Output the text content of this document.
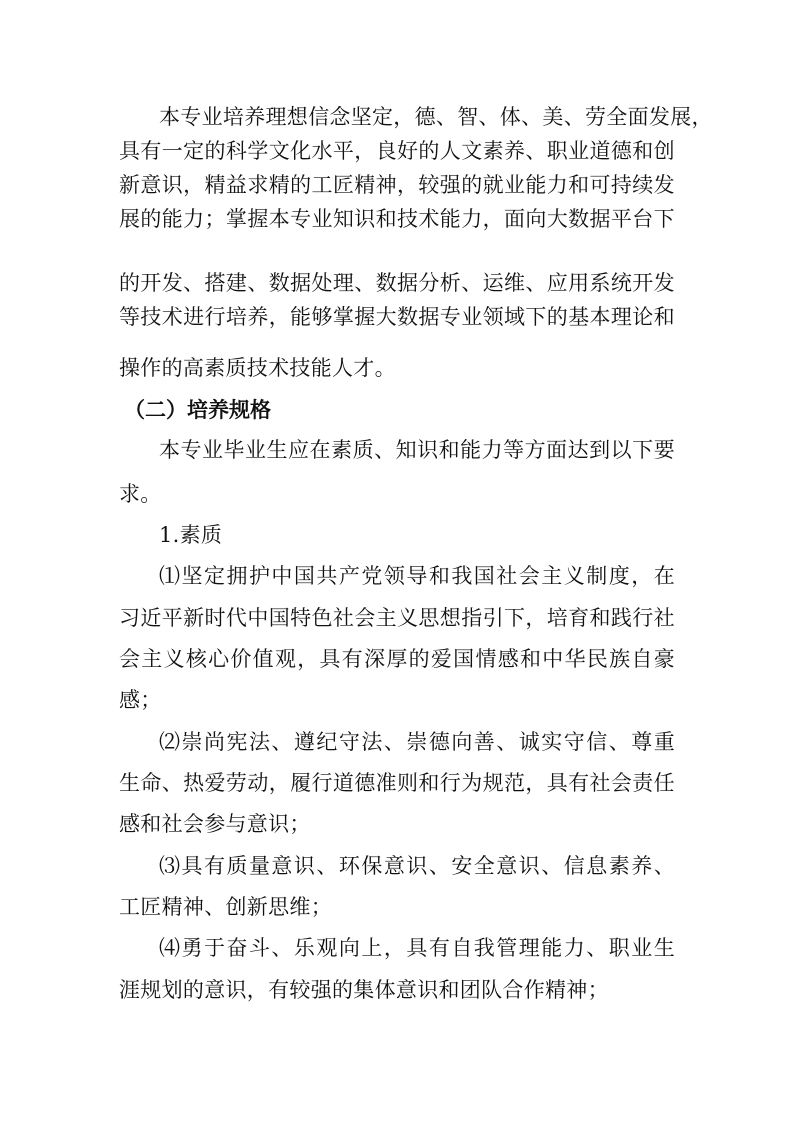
本专业培养理想信念坚定，德、智、体、美、劳全面发展，
具有一定的科学文化水平，良好的人文素养、职业道德和创
新意识，精益求精的工匠精神，较强的就业能力和可持续发
展的能力；掌握本专业知识和技术能力，面向大数据平台下
的开发、搭建、数据处理、数据分析、运维、应用系统开发
等技术进行培养，能够掌握大数据专业领域下的基本理论和
操作的高素质技术技能人才。
（二）培养规格
本专业毕业生应在素质、知识和能力等方面达到以下要
求。
1.素质
⑴坚定拥护中国共产党领导和我国社会主义制度，在
习近平新时代中国特色社会主义思想指引下，培育和践行社
会主义核心价值观，具有深厚的爱国情感和中华民族自豪
感；
⑵崇尚宪法、遵纪守法、崇德向善、诚实守信、尊重
生命、热爱劳动，履行道德准则和行为规范，具有社会责任
感和社会参与意识；
⑶具有质量意识、环保意识、安全意识、信息素养、
工匠精神、创新思维；
⑷勇于奋斗、乐观向上，具有自我管理能力、职业生
涯规划的意识，有较强的集体意识和团队合作精神；
